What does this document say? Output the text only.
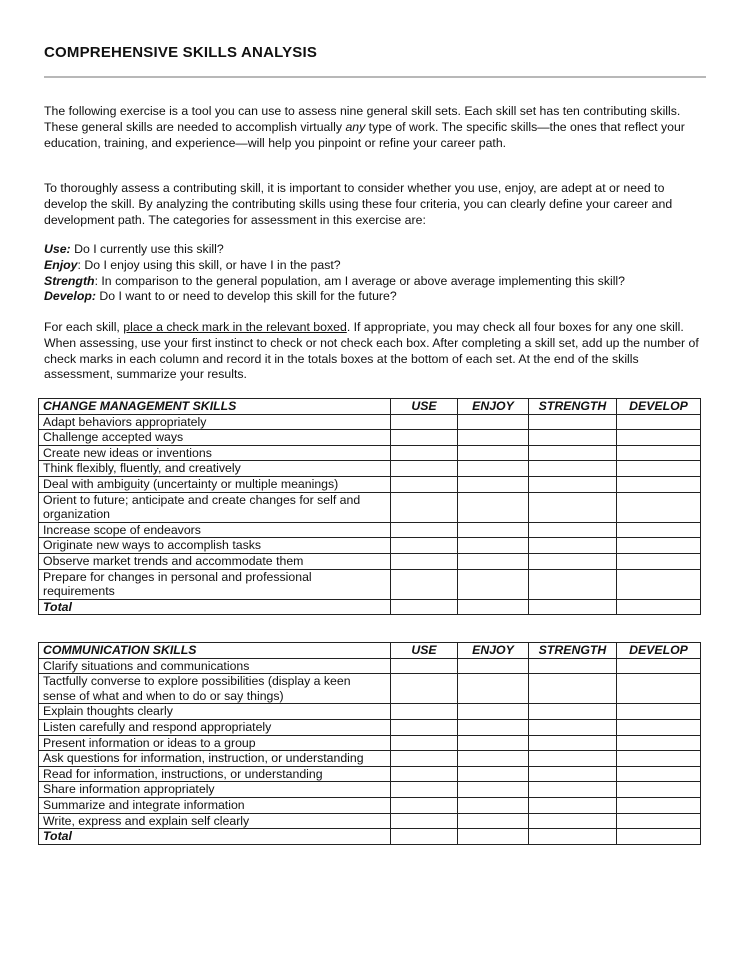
COMPREHENSIVE SKILLS ANALYSIS

The following exercise is a tool you can use to assess nine general skill sets. Each skill set has ten contributing skills. These general skills are needed to accomplish virtually any type of work. The specific skills—the ones that reflect your education, training, and experience—will help you pinpoint or refine your career path.

To thoroughly assess a contributing skill, it is important to consider whether you use, enjoy, are adept at or need to develop the skill. By analyzing the contributing skills using these four criteria, you can clearly define your career and development path. The categories for assessment in this exercise are:

Use: Do I currently use this skill?
Enjoy: Do I enjoy using this skill, or have I in the past?
Strength: In comparison to the general population, am I average or above average implementing this skill?
Develop: Do I want to or need to develop this skill for the future?

For each skill, place a check mark in the relevant boxed. If appropriate, you may check all four boxes for any one skill. When assessing, use your first instinct to check or not check each box. After completing a skill set, add up the number of check marks in each column and record it in the totals boxes at the bottom of each set. At the end of the skills assessment, summarize your results.

CHANGE MANAGEMENT SKILLS	USE	ENJOY	STRENGTH	DEVELOP
Adapt behaviors appropriately				
Challenge accepted ways				
Create new ideas or inventions				
Think flexibly, fluently, and creatively				
Deal with ambiguity (uncertainty or multiple meanings)				
Orient to future; anticipate and create changes for self and organization				
Increase scope of endeavors				
Originate new ways to accomplish tasks				
Observe market trends and accommodate them				
Prepare for changes in personal and professional requirements				
Total				
COMMUNICATION SKILLS	USE	ENJOY	STRENGTH	DEVELOP
Clarify situations and communications				
Tactfully converse to explore possibilities (display a keen sense of what and when to do or say things)				
Explain thoughts clearly				
Listen carefully and respond appropriately				
Present information or ideas to a group				
Ask questions for information, instruction, or understanding				
Read for information, instructions, or understanding				
Share information appropriately				
Summarize and integrate information				
Write, express and explain self clearly				
Total				
